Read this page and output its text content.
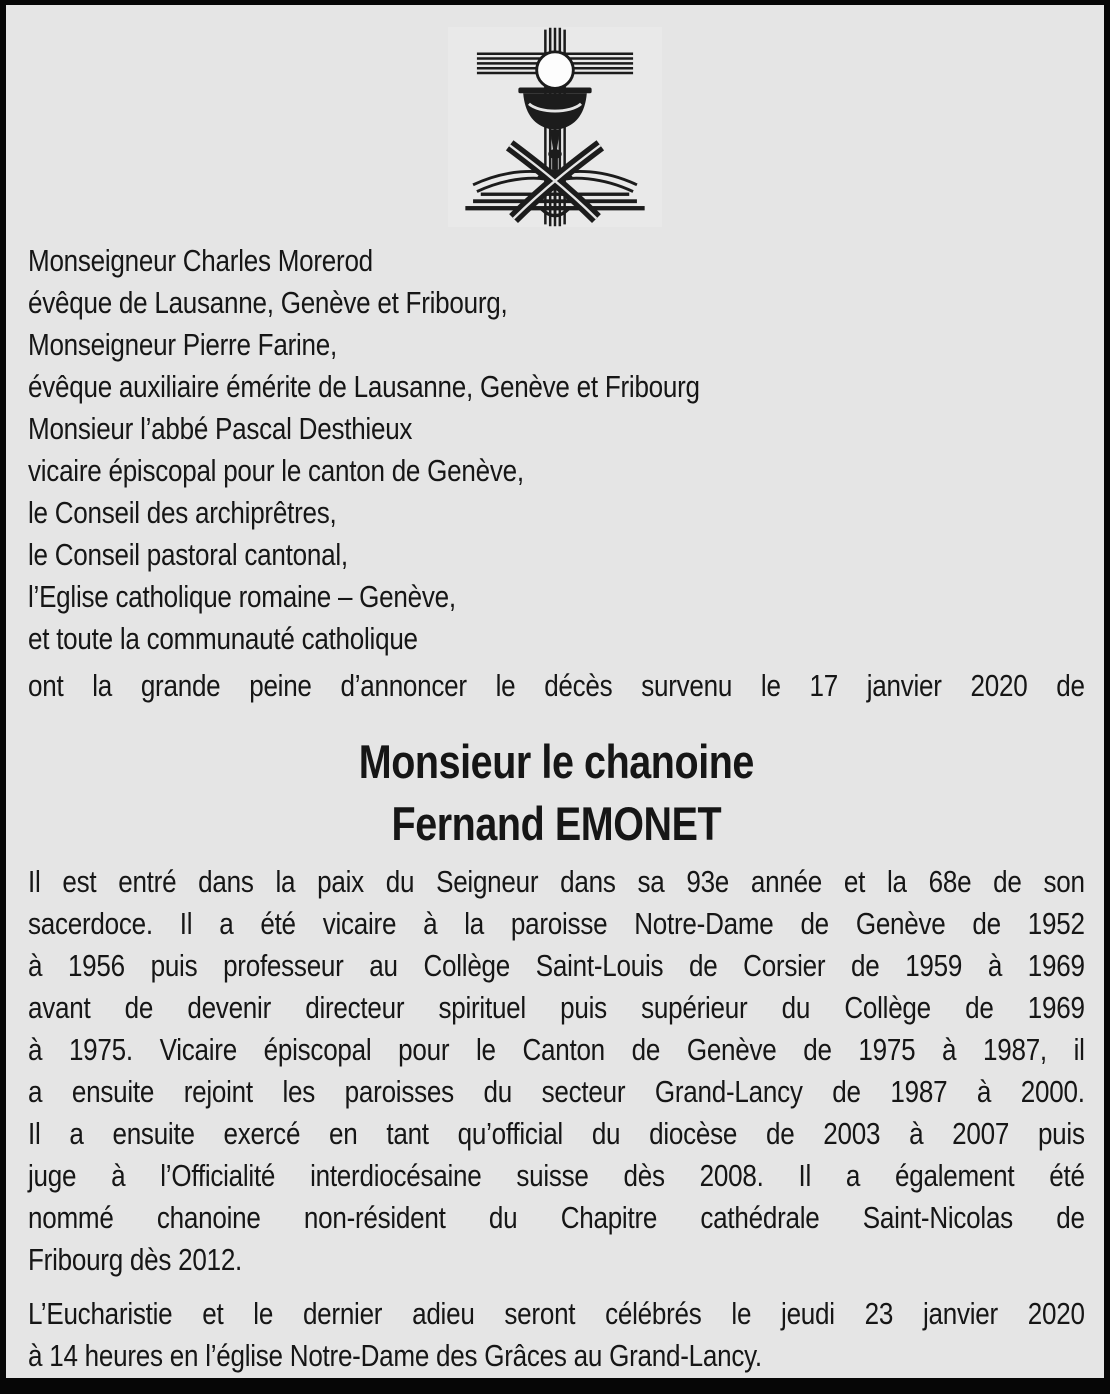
Monseigneur Charles Morerod
évêque de Lausanne, Genève et Fribourg,
Monseigneur Pierre Farine,
évêque auxiliaire émérite de Lausanne, Genève et Fribourg
Monsieur l’abbé Pascal Desthieux
vicaire épiscopal pour le canton de Genève,
le Conseil des archiprêtres,
le Conseil pastoral cantonal,
l’Eglise catholique romaine – Genève,
et toute la communauté catholique
ont la grande peine d’annoncer le décès survenu le 17 janvier 2020 de
Monsieur le chanoine
Fernand EMONET
Il est entré dans la paix du Seigneur dans sa 93e année et la 68e de son
sacerdoce. Il a été vicaire à la paroisse Notre-Dame de Genève de 1952
à 1956 puis professeur au Collège Saint-Louis de Corsier de 1959 à 1969
avant de devenir directeur spirituel puis supérieur du Collège de 1969
à 1975. Vicaire épiscopal pour le Canton de Genève de 1975 à 1987, il
a ensuite rejoint les paroisses du secteur Grand-Lancy de 1987 à 2000.
Il a ensuite exercé en tant qu’official du diocèse de 2003 à 2007 puis
juge à l’Officialité interdiocésaine suisse dès 2008. Il a également été
nommé chanoine non-résident du Chapitre cathédrale Saint-Nicolas de
Fribourg dès 2012.
L’Eucharistie et le dernier adieu seront célébrés le jeudi 23 janvier 2020
à 14 heures en l’église Notre-Dame des Grâces au Grand-Lancy.
